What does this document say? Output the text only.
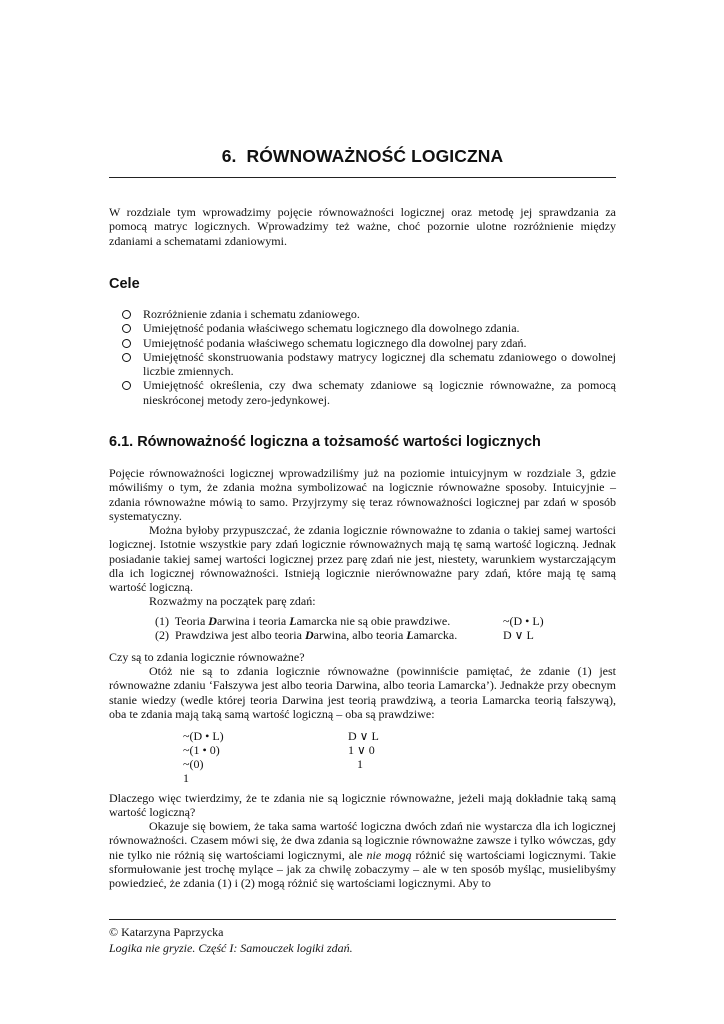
6. RÓWNOWAŻNOŚĆ LOGICZNA

W rozdziale tym wprowadzimy pojęcie równoważności logicznej oraz metodę jej sprawdzania za pomocą matryc logicznych. Wprowadzimy też ważne, choć pozornie ulotne rozróżnienie między zdaniami a schematami zdaniowymi.

Cele
Rozróżnienie zdania i schematu zdaniowego.
Umiejętność podania właściwego schematu logicznego dla dowolnego zdania.
Umiejętność podania właściwego schematu logicznego dla dowolnej pary zdań.
Umiejętność skonstruowania podstawy matrycy logicznej dla schematu zdaniowego o dowolnej liczbie zmiennych.
Umiejętność określenia, czy dwa schematy zdaniowe są logicznie równoważne, za pomocą nieskróconej metody zero-jedynkowej.
6.1. Równoważność logiczna a tożsamość wartości logicznych

Pojęcie równoważności logicznej wprowadziliśmy już na poziomie intuicyjnym w rozdziale 3, gdzie mówiliśmy o tym, że zdania można symbolizować na logicznie równoważne sposoby. Intuicyjnie – zdania równoważne mówią to samo. Przyjrzymy się teraz równoważności logicznej par zdań w sposób systematyczny.

Można byłoby przypuszczać, że zdania logicznie równoważne to zdania o takiej samej wartości logicznej. Istotnie wszystkie pary zdań logicznie równoważnych mają tę samą wartość logiczną. Jednak posiadanie takiej samej wartości logicznej przez parę zdań nie jest, niestety, warunkiem wystarczającym dla ich logicznej równoważności. Istnieją logicznie nierównoważne pary zdań, które mają tę samą wartość logiczną.

Rozważmy na początek parę zdań:

(1) Teoria Darwina i teoria Lamarcka nie są obie prawdziwe.	~(D • L)
(2) Prawdziwa jest albo teoria Darwina, albo teoria Lamarcka.	D ∨ L

Czy są to zdania logicznie równoważne?

Otóż nie są to zdania logicznie równoważne (powinniście pamiętać, że zdanie (1) jest równoważne zdaniu ‘Fałszywa jest albo teoria Darwina, albo teoria Lamarcka’). Jednakże przy obecnym stanie wiedzy (wedle której teoria Darwina jest teorią prawdziwą, a teoria Lamarcka teorią fałszywą), oba te zdania mają taką samą wartość logiczną – oba są prawdziwe:

~(D • L)
~(1 • 0)
~(0)
1
D ∨ L
1 ∨ 0
1

Dlaczego więc twierdzimy, że te zdania nie są logicznie równoważne, jeżeli mają dokładnie taką samą wartość logiczną?

Okazuje się bowiem, że taka sama wartość logiczna dwóch zdań nie wystarcza dla ich logicznej równoważności. Czasem mówi się, że dwa zdania są logicznie równoważne zawsze i tylko wówczas, gdy nie tylko nie różnią się wartościami logicznymi, ale nie mogą różnić się wartościami logicznymi. Takie sformułowanie jest trochę mylące – jak za chwilę zobaczymy – ale w ten sposób myśląc, musielibyśmy powiedzieć, że zdania (1) i (2) mogą różnić się wartościami logicznymi. Aby to

© Katarzyna Paprzycka
Logika nie gryzie. Część I: Samouczek logiki zdań.
